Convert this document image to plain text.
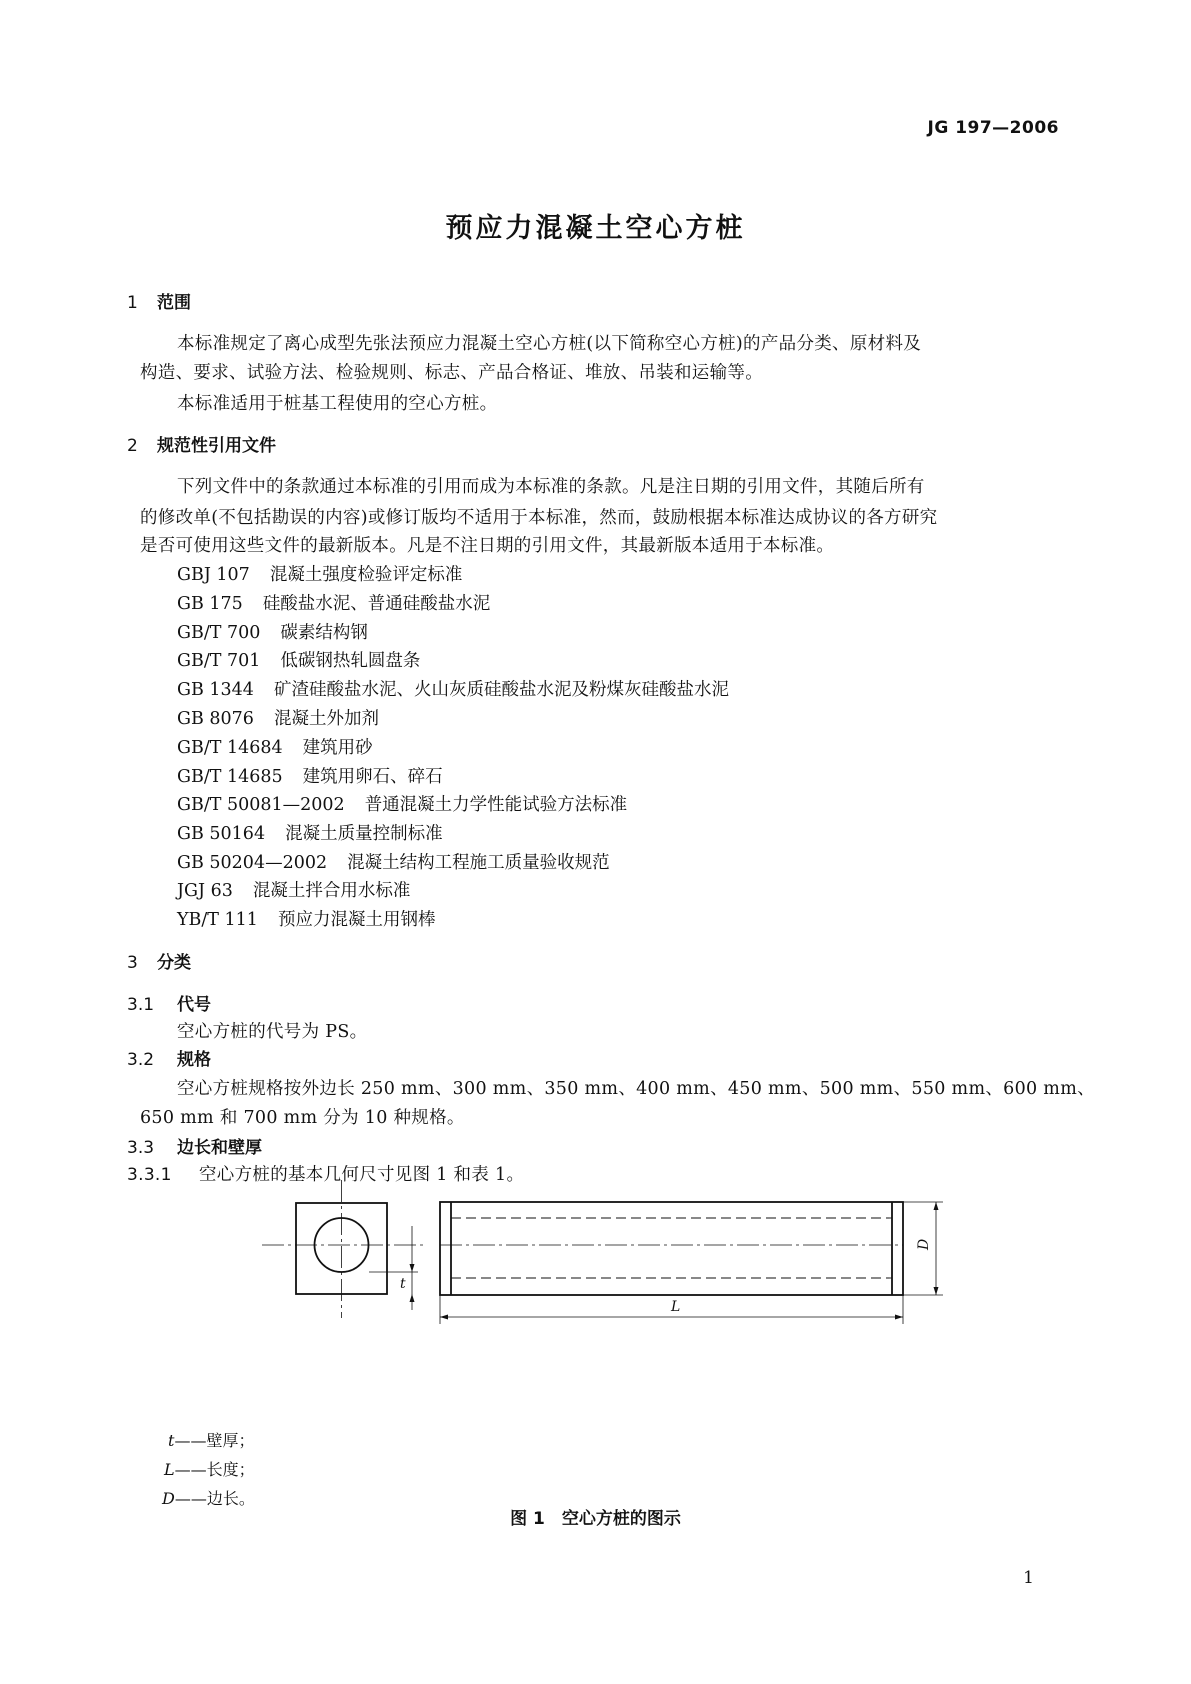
JG 197—2006
预应力混凝土空心方桩
1 范围
本标准规定了离心成型先张法预应力混凝土空心方桩(以下简称空心方桩)的产品分类、原材料及
构造、要求、试验方法、检验规则、标志、产品合格证、堆放、吊装和运输等。
本标准适用于桩基工程使用的空心方桩。
2 规范性引用文件
下列文件中的条款通过本标准的引用而成为本标准的条款。凡是注日期的引用文件，其随后所有
的修改单(不包括勘误的内容)或修订版均不适用于本标准，然而，鼓励根据本标准达成协议的各方研究
是否可使用这些文件的最新版本。凡是不注日期的引用文件，其最新版本适用于本标准。
GBJ 107 混凝土强度检验评定标准
GB 175 硅酸盐水泥、普通硅酸盐水泥
GB/T 700 碳素结构钢
GB/T 701 低碳钢热轧圆盘条
GB 1344 矿渣硅酸盐水泥、火山灰质硅酸盐水泥及粉煤灰硅酸盐水泥
GB 8076 混凝土外加剂
GB/T 14684 建筑用砂
GB/T 14685 建筑用卵石、碎石
GB/T 50081—2002 普通混凝土力学性能试验方法标准
GB 50164 混凝土质量控制标准
GB 50204—2002 混凝土结构工程施工质量验收规范
JGJ 63 混凝土拌合用水标准
YB/T 111 预应力混凝土用钢棒
3 分类
3.1 代号
空心方桩的代号为 PS。
3.2 规格
空心方桩规格按外边长 250 mm、300 mm、350 mm、400 mm、450 mm、500 mm、550 mm、600 mm、
650 mm 和 700 mm 分为 10 种规格。
3.3 边长和壁厚
3.3.1 空心方桩的基本几何尺寸见图 1 和表 1。
t
D
L
t——壁厚；
L——长度；
D——边长。
图 1　空心方桩的图示
1
